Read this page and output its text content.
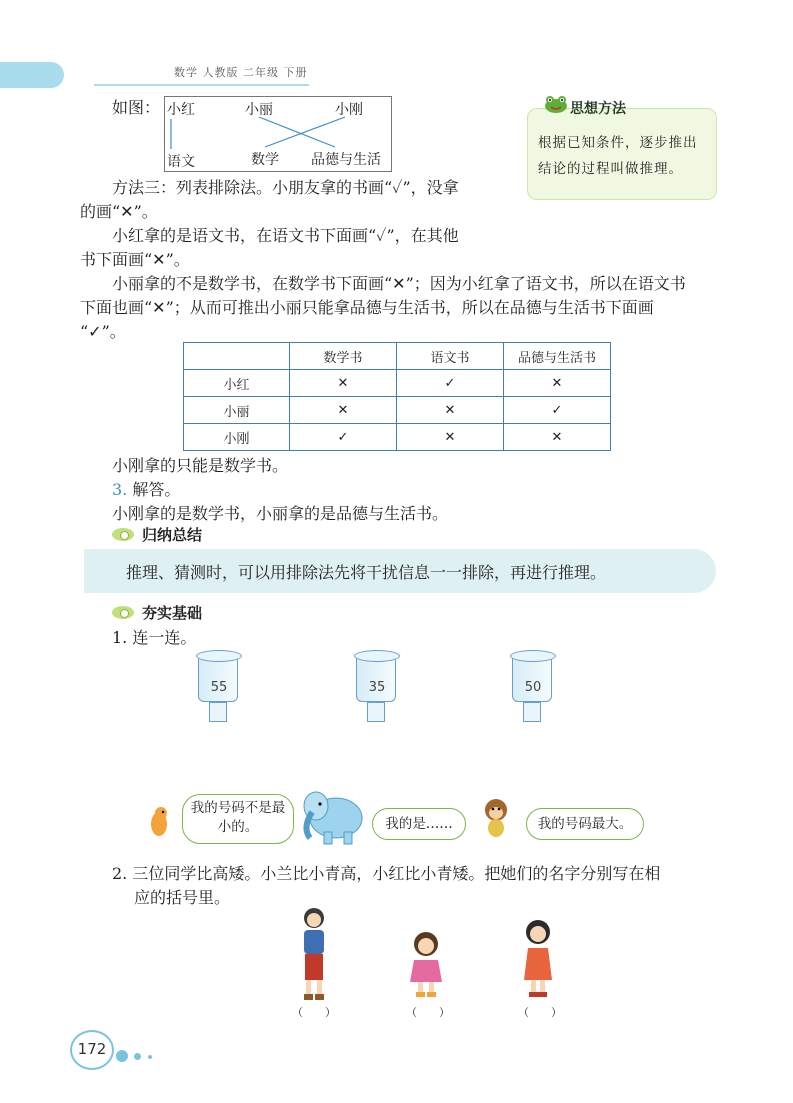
数学 人教版 二年级 下册
如图： 小红	小丽	小刚
语文	数学 品德与生活
思想方法
根据已知条件，逐步推出结论的过程叫做推理。
方法三：列表排除法。小朋友拿的书画“✓”，没拿
的画“✕”。
小红拿的是语文书，在语文书下面画“✓”，在其他
书下面画“✕”。
小丽拿的不是数学书，在数学书下面画“✕”；因为小红拿了语文书，所以在语文书
下面也画“✕”；从而可推出小丽只能拿品德与生活书，所以在品德与生活书下面画
“✓”。
	数学书	语文书	品德与生活书
小红	✕	✓	✕
小丽	✕	✕	✓
小刚	✓	✕	✕
小刚拿的只能是数学书。
3. 解答。
小刚拿的是数学书，小丽拿的是品德与生活书。
归纳总结
推理、猜测时，可以用排除法先将干扰信息一一排除，再进行推理。
夯实基础
1. 连一连。
55	35	50
我的号码不是最小的。	我的是……	我的号码最大。
2. 三位同学比高矮。小兰比小青高，小红比小青矮。把她们的名字分别写在相
应的括号里。
（　　）	（　　）	（　　）
172
